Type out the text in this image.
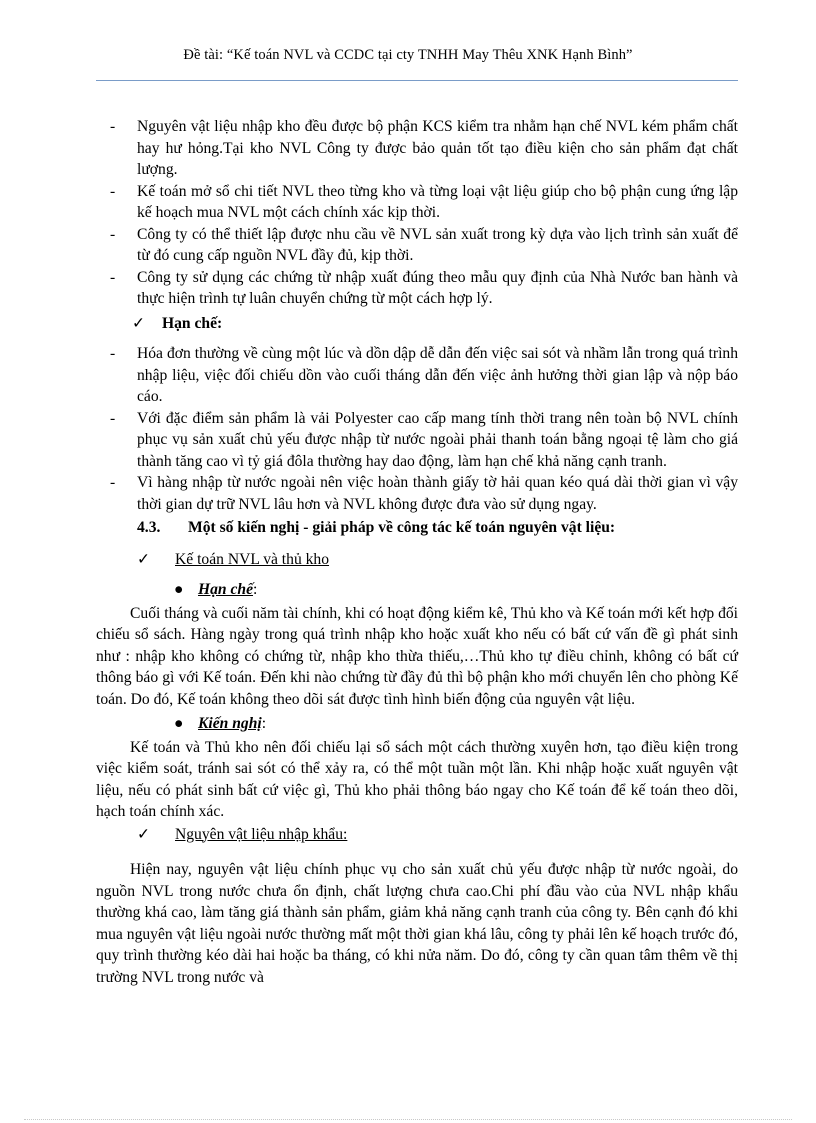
Đề tài: “Kế toán NVL và CCDC tại cty TNHH May Thêu XNK Hạnh Bình”
- Nguyên vật liệu nhập kho đều được bộ phận KCS kiểm tra nhằm hạn chế NVL kém phẩm chất hay hư hỏng.Tại kho NVL Công ty được bảo quản tốt tạo điều kiện cho sản phẩm đạt chất lượng.
- Kế toán mở sổ chi tiết NVL theo từng kho và từng loại vật liệu giúp cho bộ phận cung ứng lập kế hoạch mua NVL một cách chính xác kịp thời.
- Công ty có thể thiết lập được nhu cầu về NVL sản xuất trong kỳ dựa vào lịch trình sản xuất để từ đó cung cấp nguồn NVL đầy đủ, kịp thời.
- Công ty sử dụng các chứng từ nhập xuất đúng theo mẫu quy định của Nhà Nước ban hành và thực hiện trình tự luân chuyển chứng từ một cách hợp lý.
✓ Hạn chế:
- Hóa đơn thường về cùng một lúc và dồn dập dễ dẫn đến việc sai sót và nhầm lẫn trong quá trình nhập liệu, việc đối chiếu dồn vào cuối tháng dẫn đến việc ảnh hưởng thời gian lập và nộp báo cáo.
- Với đặc điểm sản phẩm là vải Polyester cao cấp mang tính thời trang nên toàn bộ NVL chính phục vụ sản xuất chủ yếu được nhập từ nước ngoài phải thanh toán bằng ngoại tệ làm cho giá thành tăng cao vì tỷ giá đôla thường hay dao động, làm hạn chế khả năng cạnh tranh.
- Vì hàng nhập từ nước ngoài nên việc hoàn thành giấy tờ hải quan kéo quá dài thời gian vì vậy thời gian dự trữ NVL lâu hơn và NVL không được đưa vào sử dụng ngay.
4.3. Một số kiến nghị - giải pháp về công tác kế toán nguyên vật liệu:
✓ Kế toán NVL và thủ kho
● Hạn chế:
Cuối tháng và cuối năm tài chính, khi có hoạt động kiểm kê, Thủ kho và Kế toán mới kết hợp đối chiếu sổ sách. Hàng ngày trong quá trình nhập kho hoặc xuất kho nếu có bất cứ vấn đề gì phát sinh như : nhập kho không có chứng từ, nhập kho thừa thiếu,…Thủ kho tự điều chỉnh, không có bất cứ thông báo gì với Kế toán. Đến khi nào chứng từ đầy đủ thì bộ phận kho mới chuyển lên cho phòng Kế toán. Do đó, Kế toán không theo dõi sát được tình hình biến động của nguyên vật liệu.
● Kiến nghị:
Kế toán và Thủ kho nên đối chiếu lại sổ sách một cách thường xuyên hơn, tạo điều kiện trong việc kiểm soát, tránh sai sót có thể xảy ra, có thể một tuần một lần. Khi nhập hoặc xuất nguyên vật liệu, nếu có phát sinh bất cứ việc gì, Thủ kho phải thông báo ngay cho Kế toán để kế toán theo dõi, hạch toán chính xác.
✓ Nguyên vật liệu nhập khẩu:
Hiện nay, nguyên vật liệu chính phục vụ cho sản xuất chủ yếu được nhập từ nước ngoài, do nguồn NVL trong nước chưa ổn định, chất lượng chưa cao.Chi phí đầu vào của NVL nhập khẩu thường khá cao, làm tăng giá thành sản phẩm, giảm khả năng cạnh tranh của công ty. Bên cạnh đó khi mua nguyên vật liệu ngoài nước thường mất một thời gian khá lâu, công ty phải lên kế hoạch trước đó, quy trình thường kéo dài hai hoặc ba tháng, có khi nửa năm. Do đó, công ty cần quan tâm thêm về thị trường NVL trong nước và
